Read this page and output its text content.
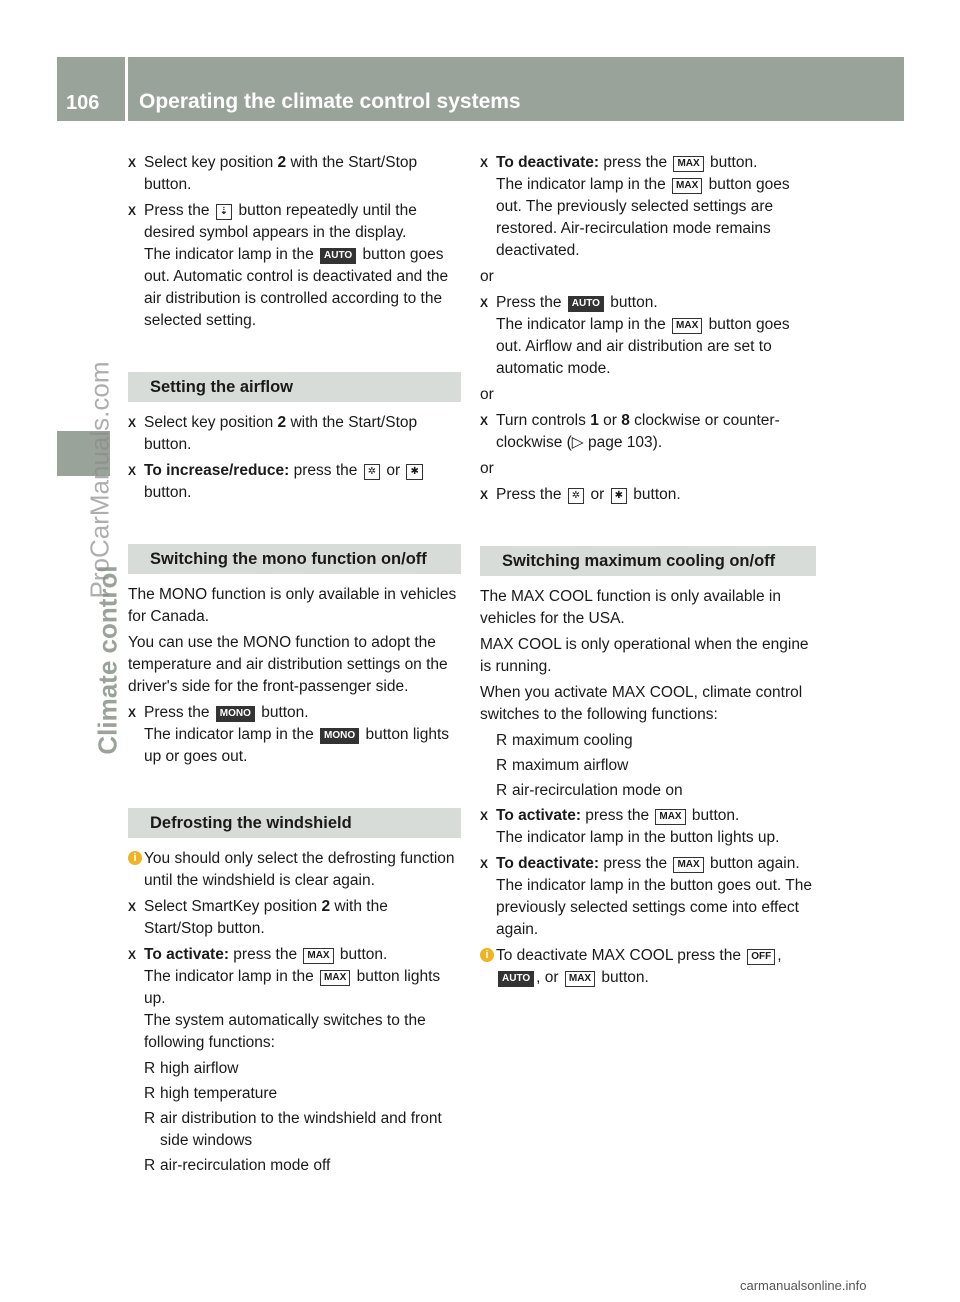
106 Operating the climate control systems
Climate control
ProCarManuals.com
carmanualsonline.info
X Select key position 2 with the Start/Stop button.
X Press the ⇣ button repeatedly until the desired symbol appears in the display.
The indicator lamp in the AUTO button goes out. Automatic control is deactivated and the air distribution is controlled according to the selected setting.
Setting the airflow
X Select key position 2 with the Start/Stop button.
X To increase/reduce: press the ✲ or ✱ button.
Switching the mono function on/off

The MONO function is only available in vehicles for Canada.

You can use the MONO function to adopt the temperature and air distribution settings on the driver's side for the front-passenger side.

X Press the MONO button.
The indicator lamp in the MONO button lights up or goes out.
Defrosting the windshield
i You should only select the defrosting function until the windshield is clear again.
X Select SmartKey position 2 with the Start/Stop button.
X To activate: press the MAX button.
The indicator lamp in the MAX button lights up.
The system automatically switches to the following functions:
R high airflow
R high temperature
R air distribution to the windshield and front side windows
R air-recirculation mode off
X To deactivate: press the MAX button.
The indicator lamp in the MAX button goes out. The previously selected settings are restored. Air-recirculation mode remains deactivated.

or

X Press the AUTO button.
The indicator lamp in the MAX button goes out. Airflow and air distribution are set to automatic mode.

or

X Turn controls 1 or 8 clockwise or counter-clockwise (▷ page 103).

or

X Press the ✲ or ✱ button.
Switching maximum cooling on/off

The MAX COOL function is only available in vehicles for the USA.

MAX COOL is only operational when the engine is running.

When you activate MAX COOL, climate control switches to the following functions:

R maximum cooling
R maximum airflow
R air-recirculation mode on
X To activate: press the MAX button.
The indicator lamp in the button lights up.
X To deactivate: press the MAX button again.
The indicator lamp in the button goes out. The previously selected settings come into effect again.
i To deactivate MAX COOL press the OFF ,
AUTO , or MAX button.
